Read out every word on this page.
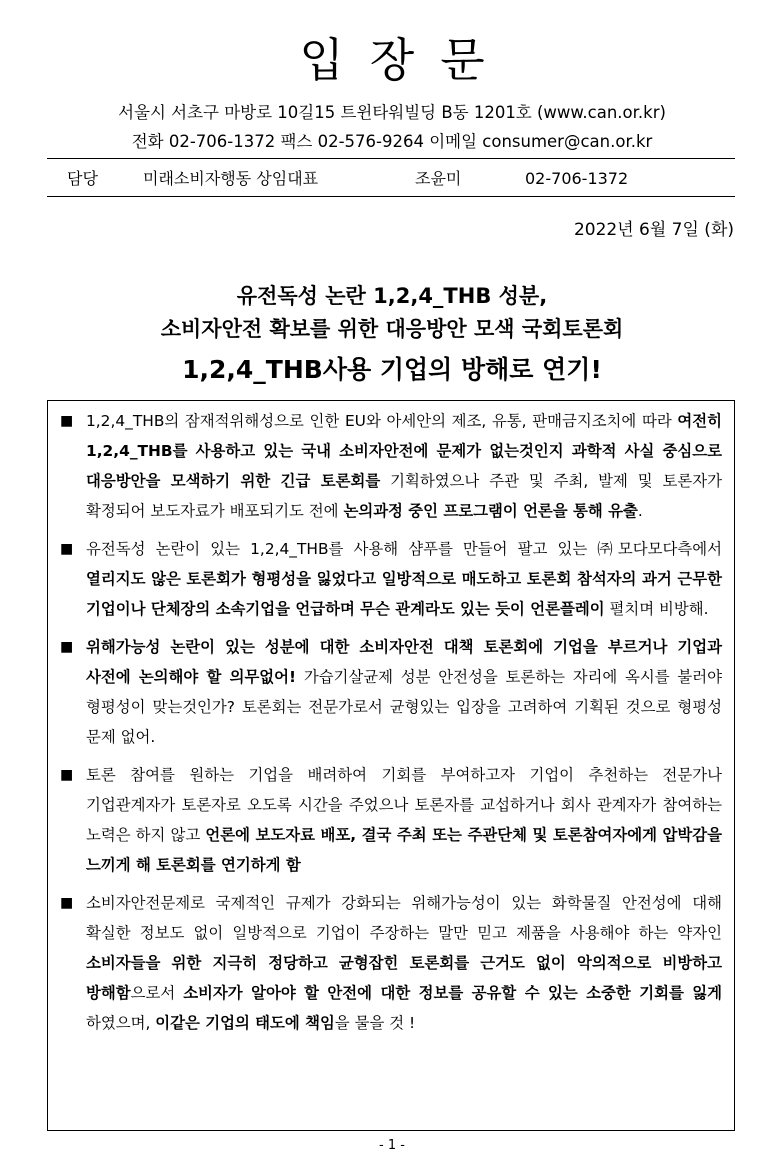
입장문
서울시 서초구 마방로 10길15 트윈타워빌딩 B동 1201호 (www.can.or.kr)
전화 02-706-1372 팩스 02-576-9264 이메일 consumer@can.or.kr
담당	미래소비자행동 상임대표	조윤미	02-706-1372
2022년 6월 7일 (화)
유전독성 논란 1,2,4_THB 성분,
소비자안전 확보를 위한 대응방안 모색 국회토론회
1,2,4_THB사용 기업의 방해로 연기!
■ 1,2,4_THB의 잠재적위해성으로 인한 EU와 아세안의 제조, 유통, 판매금지조치에 따라 여전히 1,2,4_THB를 사용하고 있는 국내 소비자안전에 문제가 없는것인지 과학적 사실 중심으로 대응방안을 모색하기 위한 긴급 토론회를 기획하였으나 주관 및 주최, 발제 및 토론자가 확정되어 보도자료가 배포되기도 전에 논의과정 중인 프로그램이 언론을 통해 유출.
■ 유전독성 논란이 있는 1,2,4_THB를 사용해 샴푸를 만들어 팔고 있는 ㈜모다모다측에서 열리지도 않은 토론회가 형평성을 잃었다고 일방적으로 매도하고 토론회 참석자의 과거 근무한 기업이나 단체장의 소속기업을 언급하며 무슨 관계라도 있는 듯이 언론플레이 펼치며 비방해.
■ 위해가능성 논란이 있는 성분에 대한 소비자안전 대책 토론회에 기업을 부르거나 기업과 사전에 논의해야 할 의무없어! 가습기살균제 성분 안전성을 토론하는 자리에 옥시를 불러야 형평성이 맞는것인가? 토론회는 전문가로서 균형있는 입장을 고려하여 기획된 것으로 형평성 문제 없어.
■ 토론 참여를 원하는 기업을 배려하여 기회를 부여하고자 기업이 추천하는 전문가나 기업관계자가 토론자로 오도록 시간을 주었으나 토론자를 교섭하거나 회사 관계자가 참여하는 노력은 하지 않고 언론에 보도자료 배포, 결국 주최 또는 주관단체 및 토론참여자에게 압박감을 느끼게 해 토론회를 연기하게 함
■ 소비자안전문제로 국제적인 규제가 강화되는 위해가능성이 있는 화학물질 안전성에 대해 확실한 정보도 없이 일방적으로 기업이 주장하는 말만 믿고 제품을 사용해야 하는 약자인 소비자들을 위한 지극히 정당하고 균형잡힌 토론회를 근거도 없이 악의적으로 비방하고 방해함으로서 소비자가 알아야 할 안전에 대한 정보를 공유할 수 있는 소중한 기회를 잃게 하였으며, 이같은 기업의 태도에 책임을 물을 것 !
- 1 -
